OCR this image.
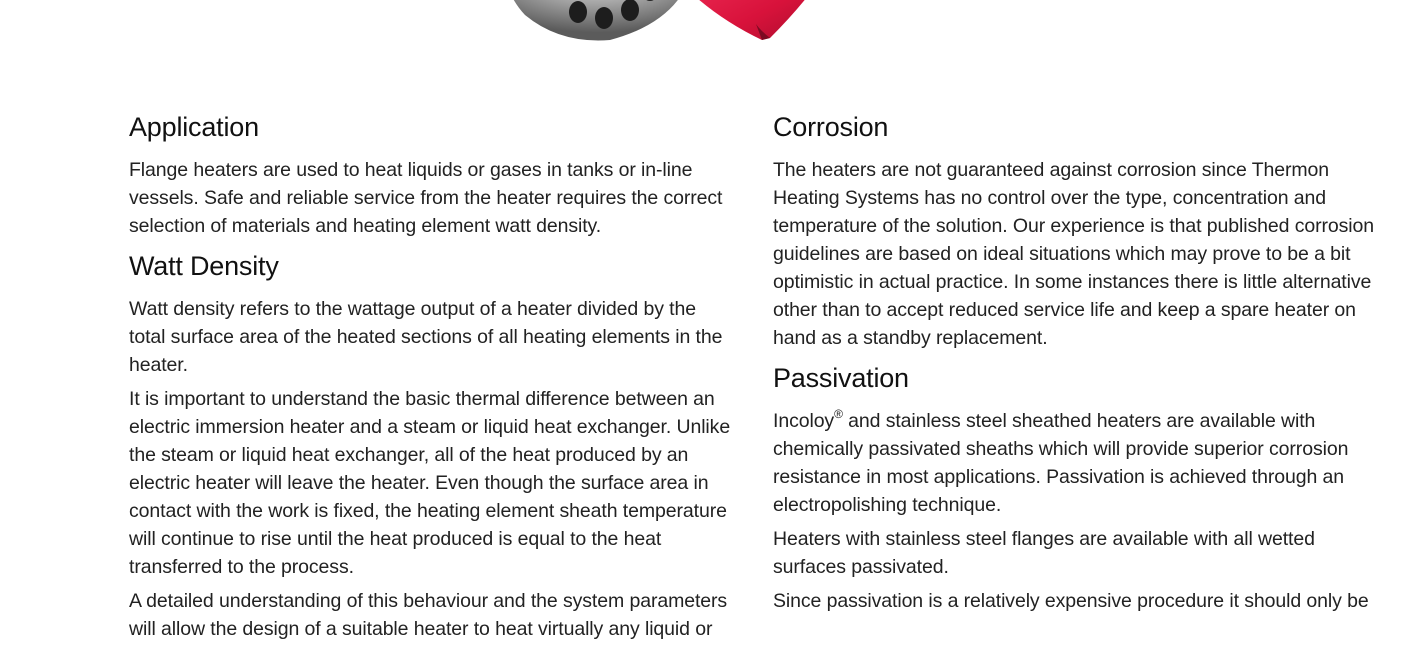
Application

Flange heaters are used to heat liquids or gases in tanks or in-line vessels. Safe and reliable service from the heater requires the correct selection of materials and heating element watt density.

Watt Density

Watt density refers to the wattage output of a heater divided by the total surface area of the heated sections of all heating elements in the heater.

It is important to understand the basic thermal difference between an electric immersion heater and a steam or liquid heat exchanger. Unlike the steam or liquid heat exchanger, all of the heat produced by an electric heater will leave the heater. Even though the surface area in contact with the work is fixed, the heating element sheath temperature will continue to rise until the heat produced is equal to the heat transferred to the process.

A detailed understanding of this behaviour and the system parameters will allow the design of a suitable heater to heat virtually any liquid or

Corrosion

The heaters are not guaranteed against corrosion since Thermon Heating Systems has no control over the type, concentration and temperature of the solution. Our experience is that published corrosion guidelines are based on ideal situations which may prove to be a bit optimistic in actual practice. In some instances there is little alternative other than to accept reduced service life and keep a spare heater on hand as a standby replacement.

Passivation

Incoloy® and stainless steel sheathed heaters are available with chemically passivated sheaths which will provide superior corrosion resistance in most applications. Passivation is achieved through an electropolishing technique.

Heaters with stainless steel flanges are available with all wetted surfaces passivated.

Since passivation is a relatively expensive procedure it should only be
